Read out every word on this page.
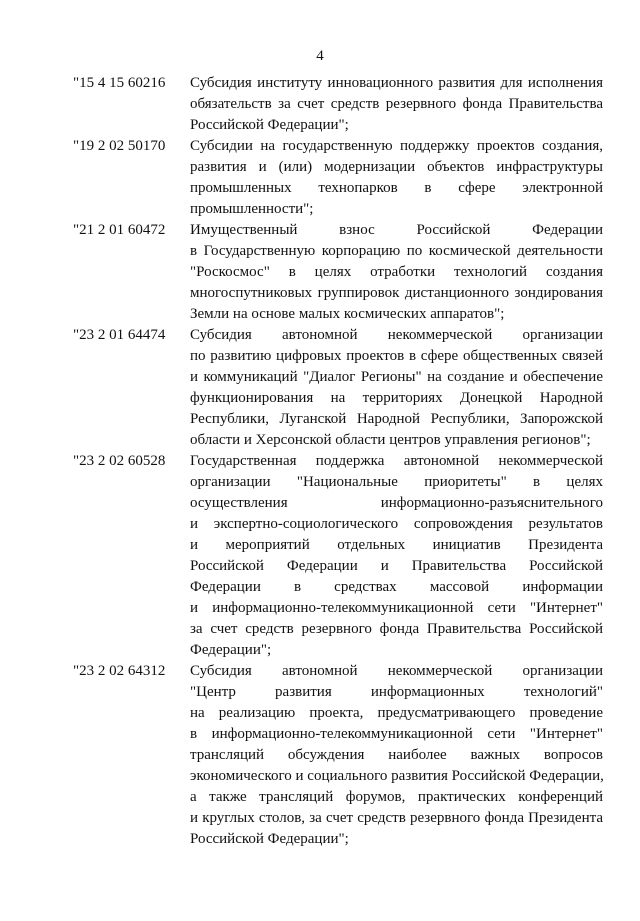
4
"15 4 15 60216	Субсидия институту инновационного развития для исполнения
обязательств за счет средств резервного фонда Правительства
Российской Федерации";
"19 2 02 50170	Субсидии на государственную поддержку проектов создания,
развития и (или) модернизации объектов инфраструктуры
промышленных технопарков в сфере электронной
промышленности";
"21 2 01 60472	Имущественный взнос Российской Федерации
в Государственную корпорацию по космической деятельности
"Роскосмос" в целях отработки технологий создания
многоспутниковых группировок дистанционного зондирования
Земли на основе малых космических аппаратов";
"23 2 01 64474	Субсидия автономной некоммерческой организации
по развитию цифровых проектов в сфере общественных связей
и коммуникаций "Диалог Регионы" на создание и обеспечение
функционирования на территориях Донецкой Народной
Республики, Луганской Народной Республики, Запорожской
области и Херсонской области центров управления регионов";
"23 2 02 60528	Государственная поддержка автономной некоммерческой
организации "Национальные приоритеты" в целях
осуществления информационно-разъяснительного
и экспертно-социологического сопровождения результатов
и мероприятий отдельных инициатив Президента
Российской Федерации и Правительства Российской
Федерации в средствах массовой информации
и информационно-телекоммуникационной сети "Интернет"
за счет средств резервного фонда Правительства Российской
Федерации";
"23 2 02 64312	Субсидия автономной некоммерческой организации
"Центр развития информационных технологий"
на реализацию проекта, предусматривающего проведение
в информационно-телекоммуникационной сети "Интернет"
трансляций обсуждения наиболее важных вопросов
экономического и социального развития Российской Федерации,
а также трансляций форумов, практических конференций
и круглых столов, за счет средств резервного фонда Президента
Российской Федерации";
